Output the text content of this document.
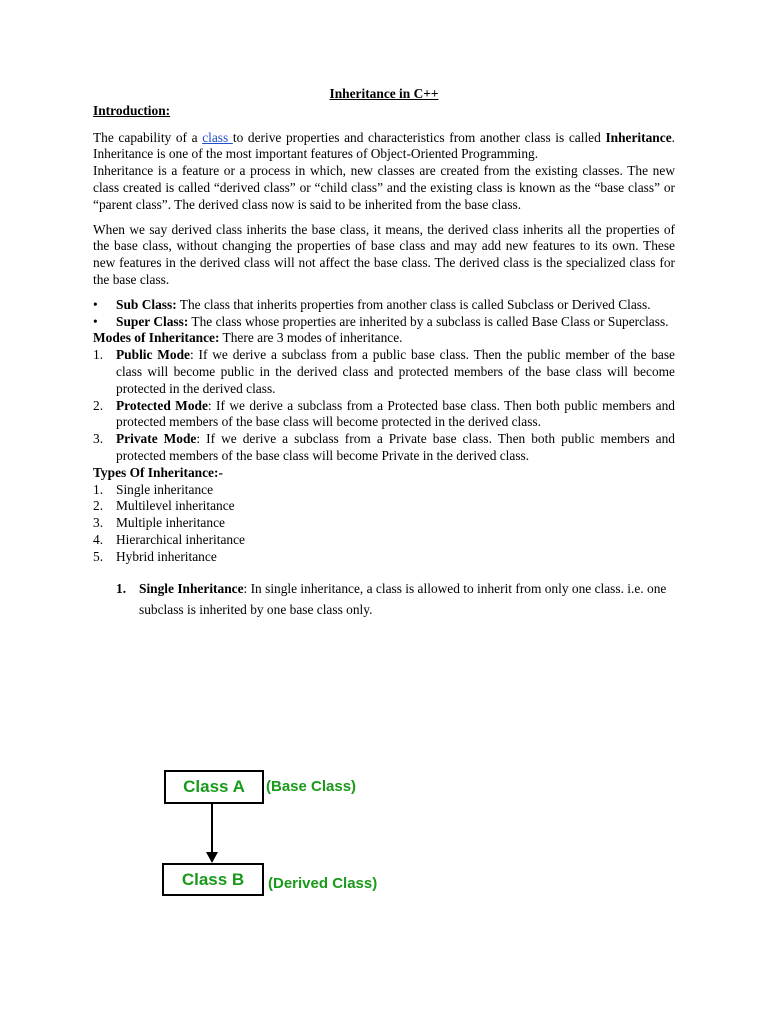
Inheritance in C++
Introduction:

The capability of a class to derive properties and characteristics from another class is called Inheritance. Inheritance is one of the most important features of Object-Oriented Programming.

Inheritance is a feature or a process in which, new classes are created from the existing classes. The new class created is called “derived class” or “child class” and the existing class is known as the “base class” or “parent class”. The derived class now is said to be inherited from the base class.

When we say derived class inherits the base class, it means, the derived class inherits all the properties of the base class, without changing the properties of base class and may add new features to its own. These new features in the derived class will not affect the base class. The derived class is the specialized class for the base class.

• Sub Class: The class that inherits properties from another class is called Subclass or Derived Class.
• Super Class: The class whose properties are inherited by a subclass is called Base Class or Superclass.
Modes of Inheritance: There are 3 modes of inheritance.
1. Public Mode: If we derive a subclass from a public base class. Then the public member of the base class will become public in the derived class and protected members of the base class will become protected in the derived class.
2. Protected Mode: If we derive a subclass from a Protected base class. Then both public members and protected members of the base class will become protected in the derived class.
3. Private Mode: If we derive a subclass from a Private base class. Then both public members and protected members of the base class will become Private in the derived class.
Types Of Inheritance:-
1. Single inheritance
2. Multilevel inheritance
3. Multiple inheritance
4. Hierarchical inheritance
5. Hybrid inheritance
1. Single Inheritance: In single inheritance, a class is allowed to inherit from only one class. i.e. one subclass is inherited by one base class only.
Class A	(Base Class)
Class B	(Derived Class)
